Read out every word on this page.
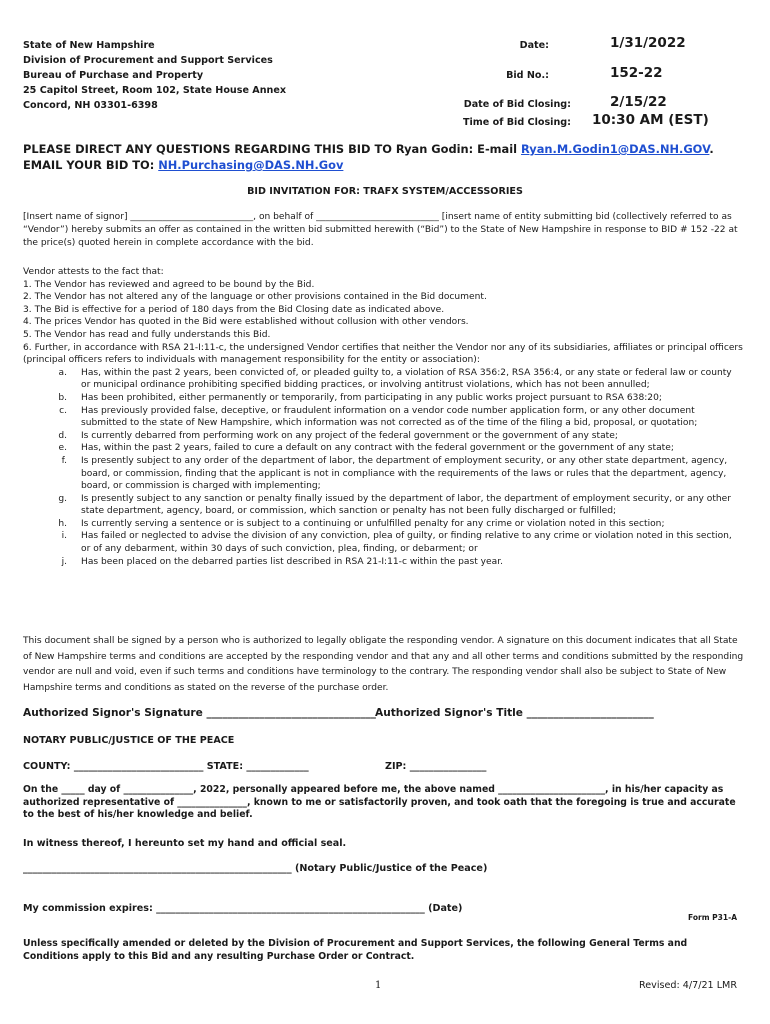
State of New Hampshire
Division of Procurement and Support Services
Bureau of Purchase and Property
25 Capitol Street, Room 102, State House Annex
Concord, NH 03301-6398
Date:	1/31/2022
Bid No.:	152-22
Date of Bid Closing:	2/15/22
Time of Bid Closing: 10:30 AM (EST)
PLEASE DIRECT ANY QUESTIONS REGARDING THIS BID TO Ryan Godin: E-mail Ryan.M.Godin1@DAS.NH.GOV.
EMAIL YOUR BID TO: NH.Purchasing@DAS.NH.Gov
BID INVITATION FOR: TRAFX SYSTEM/ACCESSORIES
[Insert name of signor] ___________________________, on behalf of ___________________________ [insert name of entity submitting bid (collectively referred to as “Vendor”) hereby submits an offer as contained in the written bid submitted herewith (“Bid”) to the State of New Hampshire in response to BID # 152 -22 at the price(s) quoted herein in complete accordance with the bid.
Vendor attests to the fact that:
1. The Vendor has reviewed and agreed to be bound by the Bid.
2. The Vendor has not altered any of the language or other provisions contained in the Bid document.
3. The Bid is effective for a period of 180 days from the Bid Closing date as indicated above.
4. The prices Vendor has quoted in the Bid were established without collusion with other vendors.
5. The Vendor has read and fully understands this Bid.
6. Further, in accordance with RSA 21-I:11-c, the undersigned Vendor certifies that neither the Vendor nor any of its subsidiaries, affiliates or principal officers (principal officers refers to individuals with management responsibility for the entity or association):
a.	Has, within the past 2 years, been convicted of, or pleaded guilty to, a violation of RSA 356:2, RSA 356:4, or any state or federal law or county or municipal ordinance prohibiting specified bidding practices, or involving antitrust violations, which has not been annulled;
b.	Has been prohibited, either permanently or temporarily, from participating in any public works project pursuant to RSA 638:20;
c.	Has previously provided false, deceptive, or fraudulent information on a vendor code number application form, or any other document submitted to the state of New Hampshire, which information was not corrected as of the time of the filing a bid, proposal, or quotation;
d.	Is currently debarred from performing work on any project of the federal government or the government of any state;
e.	Has, within the past 2 years, failed to cure a default on any contract with the federal government or the government of any state;
f.	Is presently subject to any order of the department of labor, the department of employment security, or any other state department, agency, board, or commission, finding that the applicant is not in compliance with the requirements of the laws or rules that the department, agency, board, or commission is charged with implementing;
g.	Is presently subject to any sanction or penalty finally issued by the department of labor, the department of employment security, or any other state department, agency, board, or commission, which sanction or penalty has not been fully discharged or fulfilled;
h.	Is currently serving a sentence or is subject to a continuing or unfulfilled penalty for any crime or violation noted in this section;
i.	Has failed or neglected to advise the division of any conviction, plea of guilty, or finding relative to any crime or violation noted in this section, or of any debarment, within 30 days of such conviction, plea, finding, or debarment; or
j.	Has been placed on the debarred parties list described in RSA 21-I:11-c within the past year.
This document shall be signed by a person who is authorized to legally obligate the responding vendor. A signature on this document indicates that all State of New Hampshire terms and conditions are accepted by the responding vendor and that any and all other terms and conditions submitted by the responding vendor are null and void, even if such terms and conditions have terminology to the contrary. The responding vendor shall also be subject to State of New Hampshire terms and conditions as stated on the reverse of the purchase order.
Authorized Signor's Signature ________________________________ Authorized Signor's Title ________________________
NOTARY PUBLIC/JUSTICE OF THE PEACE
COUNTY: ___________________________ STATE: _____________	ZIP: ________________
On the _____ day of _______________, 2022, personally appeared before me, the above named _______________________, in his/her capacity as authorized representative of _______________, known to me or satisfactorily proven, and took oath that the foregoing is true and accurate to the best of his/her knowledge and belief.
In witness thereof, I hereunto set my hand and official seal.
________________________________________________________ (Notary Public/Justice of the Peace)
My commission expires: ________________________________________________________ (Date)
Form P31-A
Unless specifically amended or deleted by the Division of Procurement and Support Services, the following General Terms and Conditions apply to this Bid and any resulting Purchase Order or Contract.
1	Revised: 4/7/21 LMR
